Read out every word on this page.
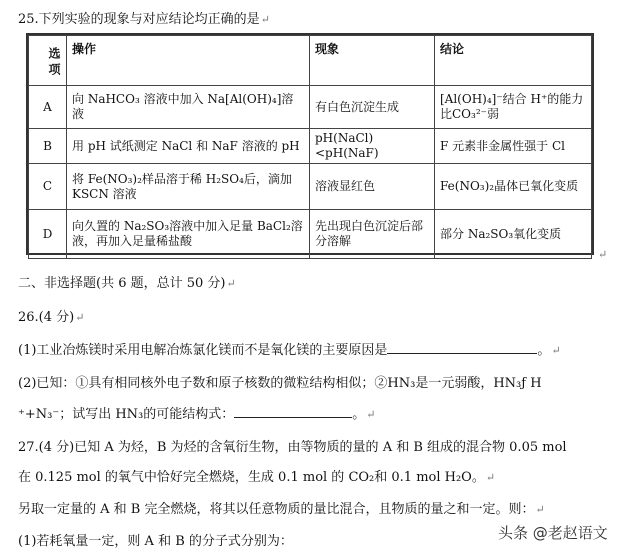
25.下列实验的现象与对应结论均正确的是↵
选项	操作	现象	结论
A	向 NaHCO₃ 溶液中加入 Na[Al(OH)₄]溶液	有白色沉淀生成	[Al(OH)₄]⁻结合 H⁺的能力比CO₃²⁻弱
B	用 pH 试纸测定 NaCl 和 NaF 溶液的 pH	pH(NaCl)<pH(NaF)	F 元素非金属性强于 Cl
C	将 Fe(NO₃)₂样品溶于稀 H₂SO₄后，滴加 KSCN 溶液	溶液显红色	Fe(NO₃)₂晶体已氧化变质
D	向久置的 Na₂SO₃溶液中加入足量 BaCl₂溶液，再加入足量稀盐酸	先出现白色沉淀后部分溶解	部分 Na₂SO₃氧化变质
↵
二、非选择题(共 6 题，总计 50 分)↵
26.(4 分)↵
(1)工业冶炼镁时采用电解冶炼氯化镁而不是氧化镁的主要原因是	。↵
(2)已知：①具有相同核外电子数和原子核数的微粒结构相似；②HN₃是一元弱酸，HN₃ƒ H
⁺+N₃⁻；试写出 HN₃的可能结构式：	。↵
27.(4 分)已知 A 为烃，B 为烃的含氧衍生物，由等物质的量的 A 和 B 组成的混合物 0.05 mol
在 0.125 mol 的氧气中恰好完全燃烧，生成 0.1 mol 的 CO₂和 0.1 mol H₂O。↵
另取一定量的 A 和 B 完全燃烧，将其以任意物质的量比混合，且物质的量之和一定。则：↵
(1)若耗氧量一定，则 A 和 B 的分子式分别为：	头条 @老赵语文
